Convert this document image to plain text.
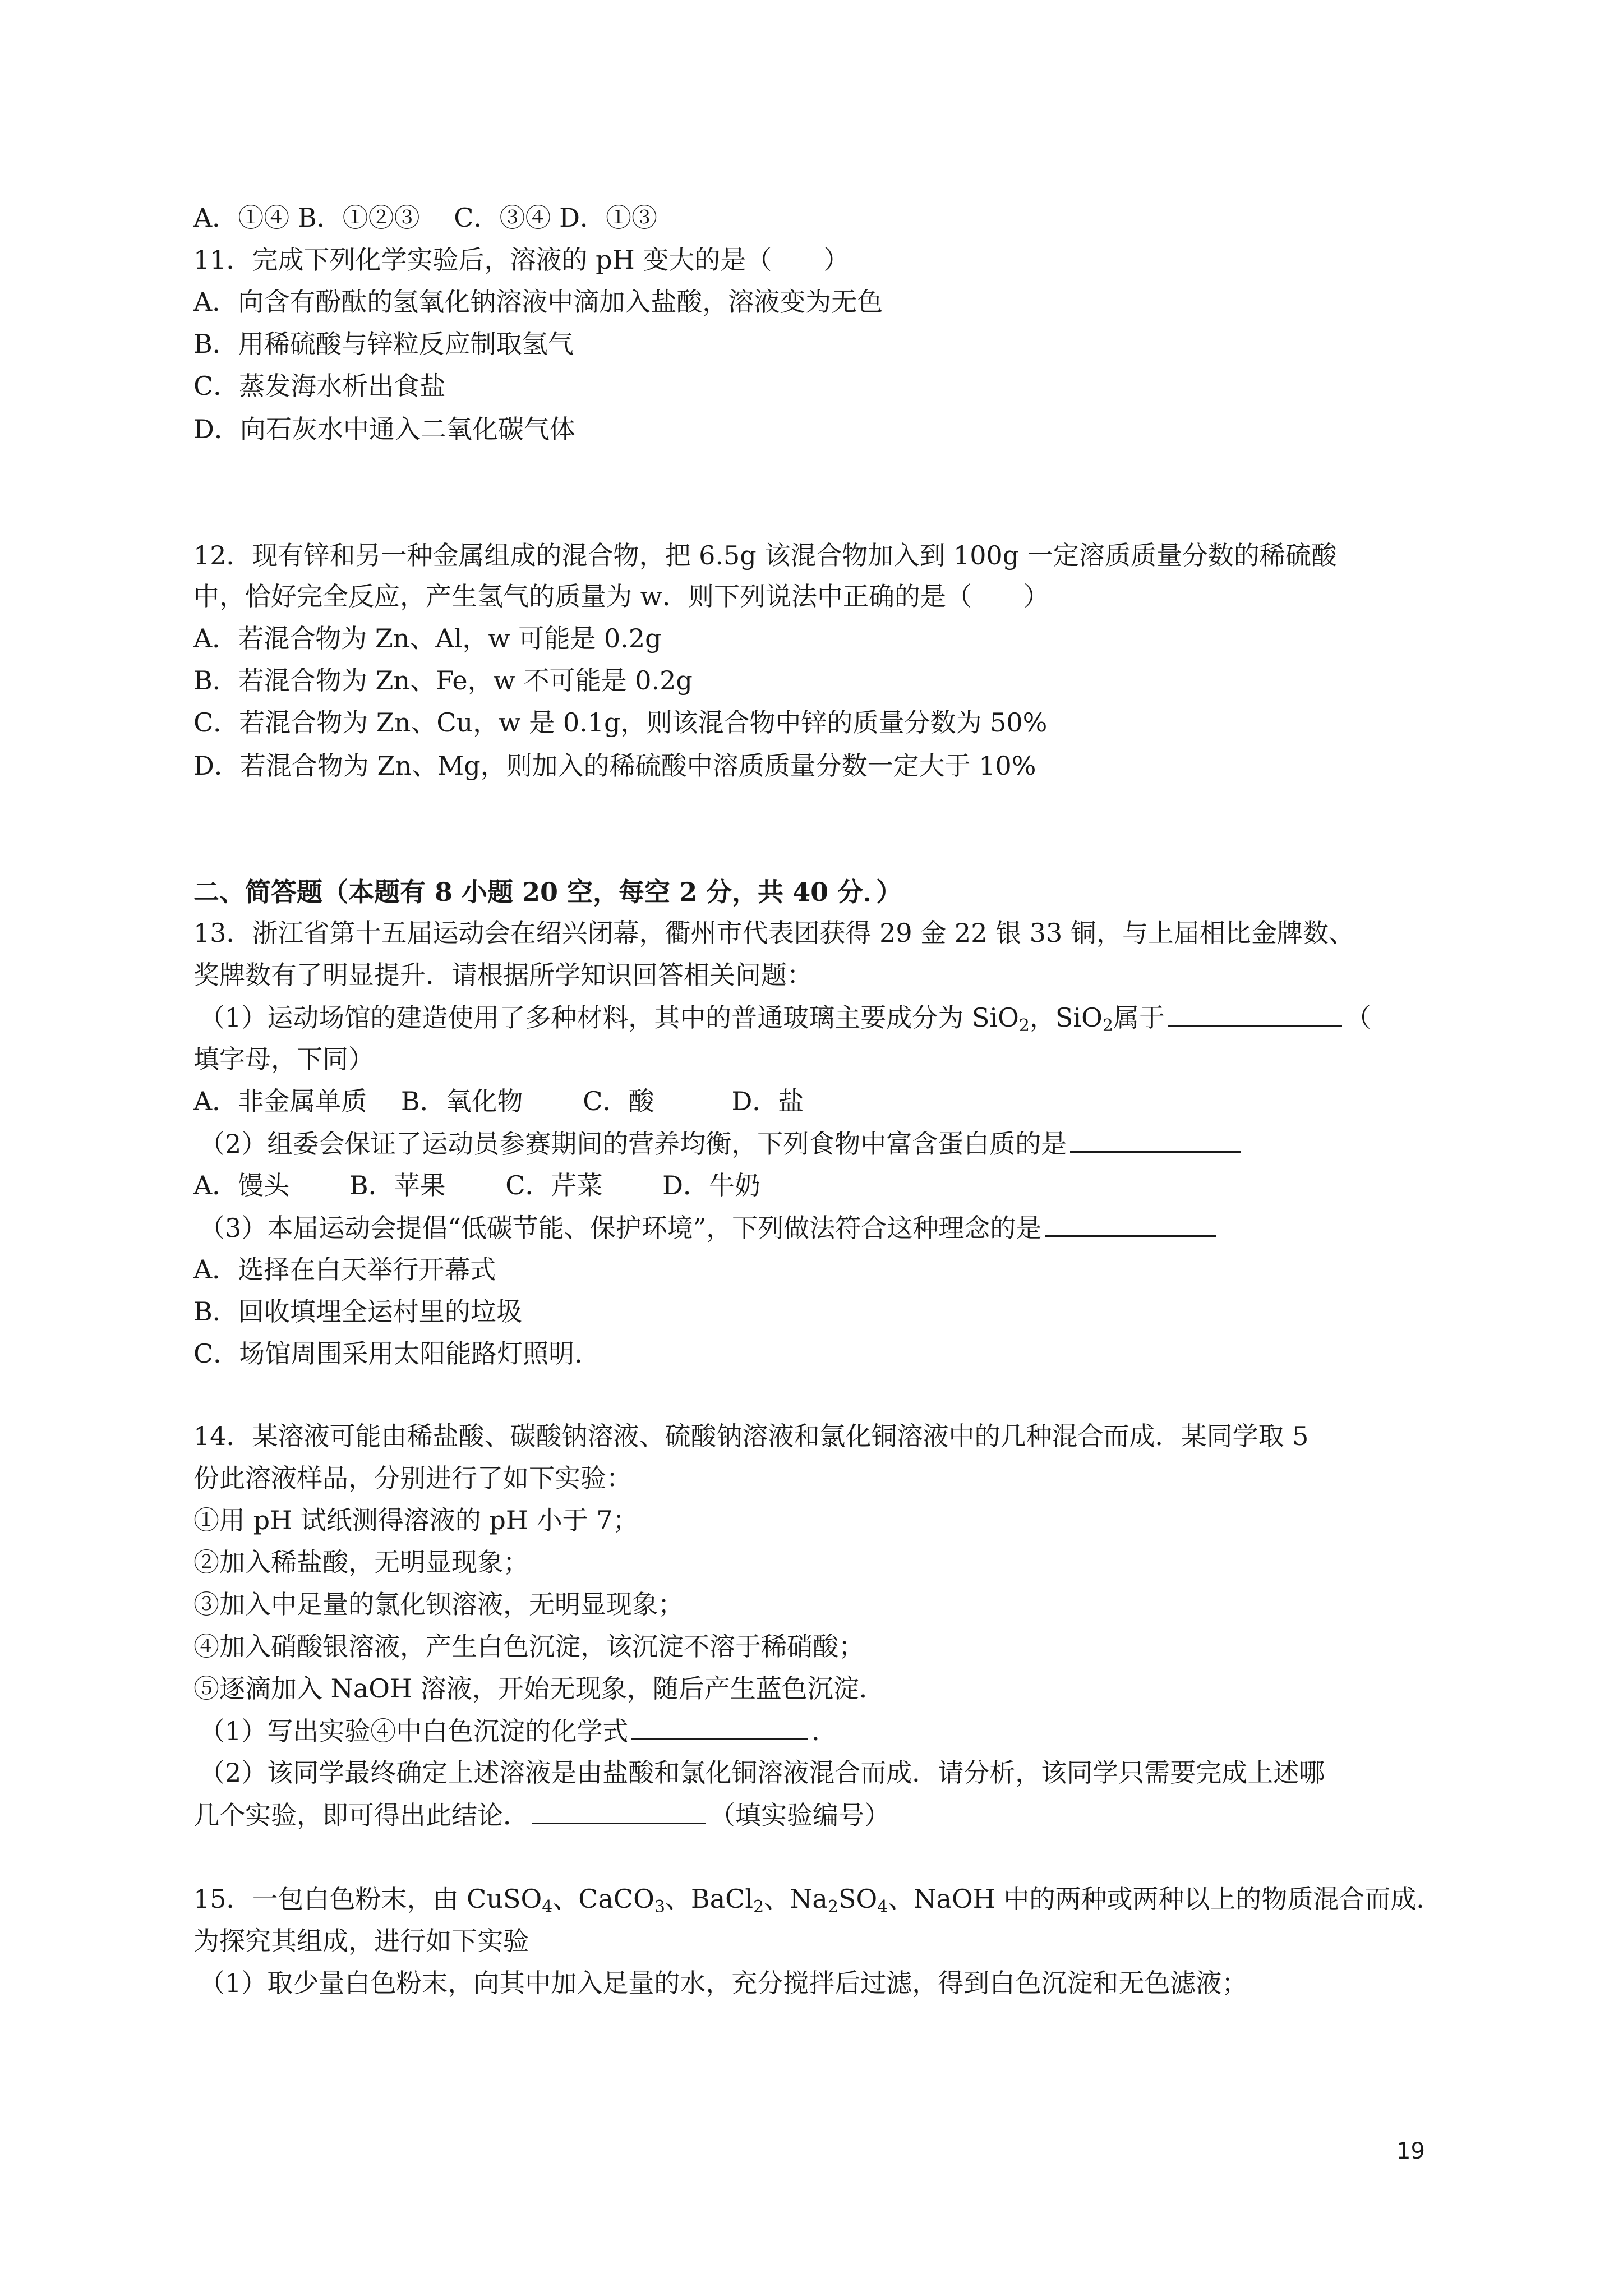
A．①④ B．①②③　 C．③④ D．①③

11．完成下列化学实验后，溶液的 pH 变大的是（　　）

A．向含有酚酞的氢氧化钠溶液中滴加入盐酸，溶液变为无色

B．用稀硫酸与锌粒反应制取氢气

C．蒸发海水析出食盐

D．向石灰水中通入二氧化碳气体

12．现有锌和另一种金属组成的混合物，把 6.5g 该混合物加入到 100g 一定溶质质量分数的稀硫酸

中，恰好完全反应，产生氢气的质量为 w．则下列说法中正确的是（　　）

A．若混合物为 Zn、Al，w 可能是 0.2g

B．若混合物为 Zn、Fe，w 不可能是 0.2g

C．若混合物为 Zn、Cu，w 是 0.1g，则该混合物中锌的质量分数为 50%

D．若混合物为 Zn、Mg，则加入的稀硫酸中溶质质量分数一定大于 10%

二、简答题（本题有 8 小题 20 空，每空 2 分，共 40 分．）

13．浙江省第十五届运动会在绍兴闭幕，衢州市代表团获得 29 金 22 银 33 铜，与上届相比金牌数、

奖牌数有了明显提升．请根据所学知识回答相关问题：

（1）运动场馆的建造使用了多种材料，其中的普通玻璃主要成分为 SiO$_2$，SiO$_2$属于	（

填字母，下同）

A．非金属单质　 B．氧化物　　 C．酸　　　D．盐

（2）组委会保证了运动员参赛期间的营养均衡，下列食物中富含蛋白质的是

A．馒头　　 B．苹果　　 C．芹菜　　 D．牛奶

（3）本届运动会提倡“低碳节能、保护环境”，下列做法符合这种理念的是

A．选择在白天举行开幕式

B．回收填埋全运村里的垃圾

C．场馆周围采用太阳能路灯照明．

14．某溶液可能由稀盐酸、碳酸钠溶液、硫酸钠溶液和氯化铜溶液中的几种混合而成．某同学取 5

份此溶液样品，分别进行了如下实验：

①用 pH 试纸测得溶液的 pH 小于 7；

②加入稀盐酸，无明显现象；

③加入中足量的氯化钡溶液，无明显现象；

④加入硝酸银溶液，产生白色沉淀，该沉淀不溶于稀硝酸；

⑤逐滴加入 NaOH 溶液，开始无现象，随后产生蓝色沉淀．

（1）写出实验④中白色沉淀的化学式	．

（2）该同学最终确定上述溶液是由盐酸和氯化铜溶液混合而成．请分析，该同学只需要完成上述哪

几个实验，即可得出此结论．	（填实验编号）

15．一包白色粉末，由 CuSO$_4$、CaCO$_3$、BaCl$_2$、$Na_2SO_4$、NaOH 中的两种或两种以上的物质混合而成．

为探究其组成，进行如下实验

（1）取少量白色粉末，向其中加入足量的水，充分搅拌后过滤，得到白色沉淀和无色滤液；

19
